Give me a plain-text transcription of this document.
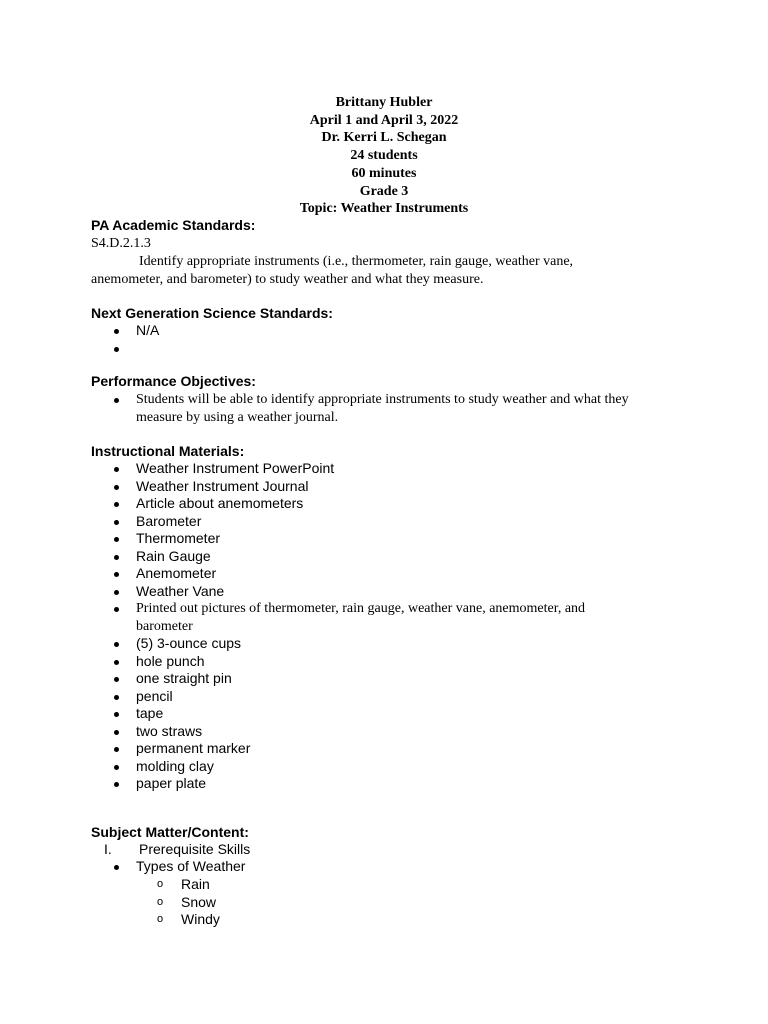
Brittany Hubler
April 1 and April 3, 2022
Dr. Kerri L. Schegan
24 students
60 minutes
Grade 3
Topic: Weather Instruments
PA Academic Standards:
S4.D.2.1.3
Identify appropriate instruments (i.e., thermometer, rain gauge, weather vane,
anemometer, and barometer) to study weather and what they measure.
Next Generation Science Standards:
N/A
Performance Objectives:
Students will be able to identify appropriate instruments to study weather and what they
measure by using a weather journal.
Instructional Materials:
Weather Instrument PowerPoint
Weather Instrument Journal
Article about anemometers
Barometer
Thermometer
Rain Gauge
Anemometer
Weather Vane
Printed out pictures of thermometer, rain gauge, weather vane, anemometer, and
barometer
(5) 3-ounce cups
hole punch
one straight pin
pencil
tape
two straws
permanent marker
molding clay
paper plate
Subject Matter/Content:
I. Prerequisite Skills
Types of Weather
o Rain
o Snow
o Windy
